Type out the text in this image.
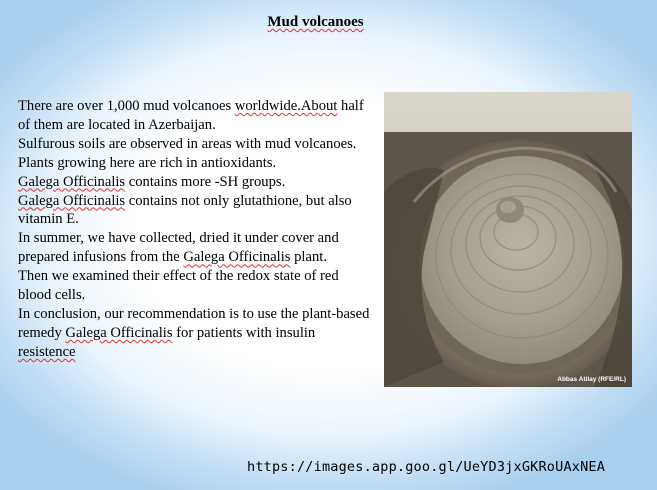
Mud volcanoes

There are over 1,000 mud volcanoes worldwide.About half of them are located in Azerbaijan.

Sulfurous soils are observed in areas with mud volcanoes. Plants growing here are rich in antioxidants.

Galega Officinalis contains more -SH groups.

Galega Officinalis contains not only glutathione, but also vitamin E.

In summer, we have collected, dried it under cover and prepared infusions from the Galega Officinalis plant.

Then we examined their effect of the redox state of red blood cells.

In conclusion, our recommendation is to use the plant-based remedy Galega Officinalis for patients with insulin resistence

Abbas Atilay (RFE/RL)
https://images.app.goo.gl/UeYD3jxGKRoUAxNEA
